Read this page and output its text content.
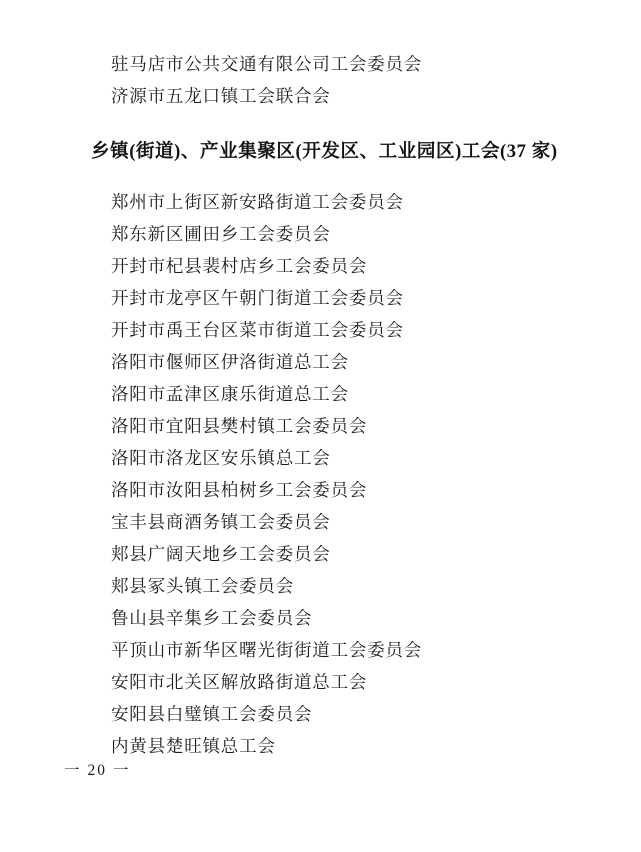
驻马店市公共交通有限公司工会委员会
济源市五龙口镇工会联合会
乡镇(街道)、产业集聚区(开发区、工业园区)工会(37 家)
郑州市上街区新安路街道工会委员会
郑东新区圃田乡工会委员会
开封市杞县裴村店乡工会委员会
开封市龙亭区午朝门街道工会委员会
开封市禹王台区菜市街道工会委员会
洛阳市偃师区伊洛街道总工会
洛阳市孟津区康乐街道总工会
洛阳市宜阳县樊村镇工会委员会
洛阳市洛龙区安乐镇总工会
洛阳市汝阳县柏树乡工会委员会
宝丰县商酒务镇工会委员会
郏县广阔天地乡工会委员会
郏县冢头镇工会委员会
鲁山县辛集乡工会委员会
平顶山市新华区曙光街街道工会委员会
安阳市北关区解放路街道总工会
安阳县白璧镇工会委员会
内黄县楚旺镇总工会
一 20 一
